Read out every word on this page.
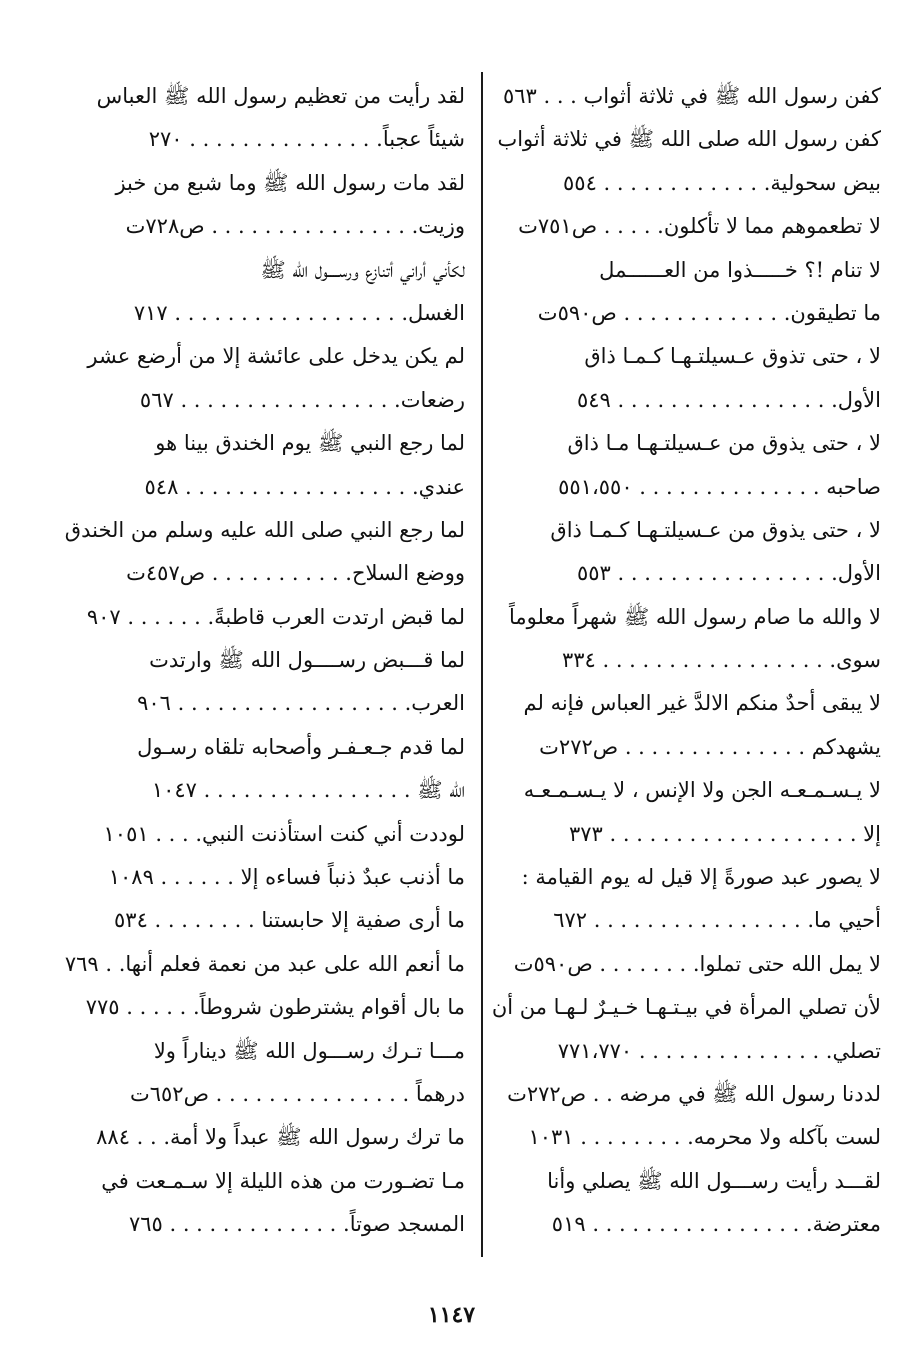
كفن رسول الله ﷺ في ثلاثة أثواب . . . ٥٦٣
كفن رسول الله صلى الله ﷺ في ثلاثة أثواب
بيض سحولية. . . . . . . . . . . . . ٥٥٤
لا تطعموهم مما لا تأكلون. . . . . ص٧٥١ت
لا تنام !؟ خـــــذوا من العــــــمل
ما تطيقون. . . . . . . . . . . . . ص٥٩٠ت
لا ، حتى تذوق عـسيلتـهـا كـمـا ذاق
الأول. . . . . . . . . . . . . . . . . ٥٤٩
لا ، حتى يذوق من عـسيلتـهـا مـا ذاق
صاحبه . . . . . . . . . . . . . . ٥٥١،٥٥٠
لا ، حتى يذوق من عـسيلتـهـا كـمـا ذاق
الأول. . . . . . . . . . . . . . . . . ٥٥٣
لا والله ما صام رسول الله ﷺ شهراً معلوماً
سوى. . . . . . . . . . . . . . . . . . ٣٣٤
لا يبقى أحدٌ منكم الالدَّ غير العباس فإنه لم
يشهدكم . . . . . . . . . . . . . . ص٢٧٢ت
لا يـسـمـعـه الجن ولا الإنس ، لا يـسـمـعـه
إلا . . . . . . . . . . . . . . . . . . . ٣٧٣
لا يصور عبد صورةً إلا قيل له يوم القيامة :
أحيي ما. . . . . . . . . . . . . . . . . ٦٧٢
لا يمل الله حتى تملوا. . . . . . . . ص٥٩٠ت
لأن تصلي المرأة في بيـتـهـا خـيـرٌ لـهـا من أن
تصلي. . . . . . . . . . . . . . . ٧٧١،٧٧٠
لددنا رسول الله ﷺ في مرضه . . ص٢٧٢ت
لست بآكله ولا محرمه. . . . . . . . . ١٠٣١
لقـــد رأيت رســـول الله ﷺ يصلي وأنا
معترضة. . . . . . . . . . . . . . . . . ٥١٩
لقد رأيت من تعظيم رسول الله ﷺ العباس
شيئاً عجباً. . . . . . . . . . . . . . . ٢٧٠
لقد مات رسول الله ﷺ وما شبع من خبز
وزيت. . . . . . . . . . . . . . . . ص٧٢٨ت
لكأني أراني أتنازع ورســــول الله ﷺ
الغسل. . . . . . . . . . . . . . . . . . ٧١٧
لم يكن يدخل على عائشة إلا من أرضع عشر
رضعات. . . . . . . . . . . . . . . . . ٥٦٧
لما رجع النبي ﷺ يوم الخندق بينا هو
عندي. . . . . . . . . . . . . . . . . . ٥٤٨
لما رجع النبي صلى الله عليه وسلم من الخندق
ووضع السلاح. . . . . . . . . . . ص٤٥٧ت
لما قبض ارتدت العرب قاطبةً. . . . . . . ٩٠٧
لما قـــبض رســــول الله ﷺ وارتدت
العرب. . . . . . . . . . . . . . . . . . ٩٠٦
لما قدم جـعـفـر وأصحابه تلقاه رسـول
الله ﷺ . . . . . . . . . . . . . . . . ١٠٤٧
لوددت أني كنت استأذنت النبي. . . . ١٠٥١
ما أذنب عبدٌ ذنباً فساءه إلا . . . . . . ١٠٨٩
ما أرى صفية إلا حابستنا . . . . . . . . ٥٣٤
ما أنعم الله على عبد من نعمة فعلم أنها. . ٧٦٩
ما بال أقوام يشترطون شروطاً. . . . . . ٧٧٥
مـــا تـرك رســـول الله ﷺ ديناراً ولا
درهماً . . . . . . . . . . . . . . . ص٦٥٢ت
ما ترك رسول الله ﷺ عبداً ولا أمة. . . ٨٨٤
مـا تضـورت من هذه الليلة إلا سـمـعت في
المسجد صوتاً. . . . . . . . . . . . . . ٧٦٥
١١٤٧
